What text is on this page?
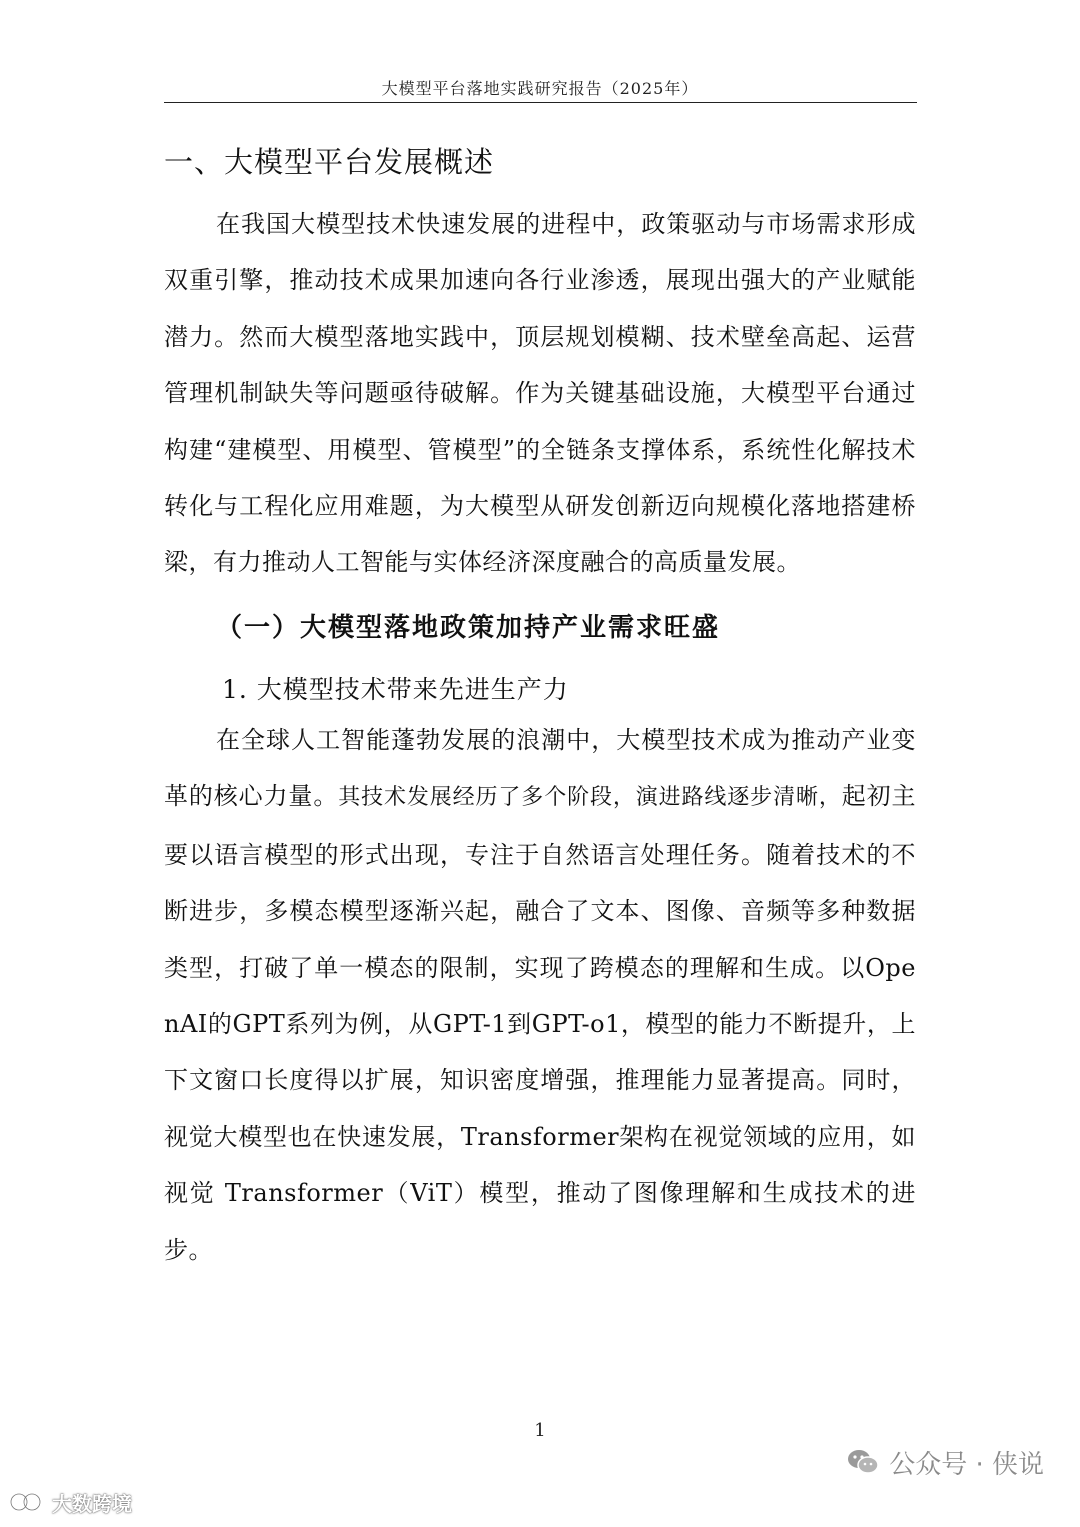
大模型平台落地实践研究报告（2025年）
一、大模型平台发展概述

在我国大模型技术快速发展的进程中，政策驱动与市场需求形成双重引擎，推动技术成果加速向各行业渗透，展现出强大的产业赋能潜力。然而大模型落地实践中，顶层规划模糊、技术壁垒高起、运营管理机制缺失等问题亟待破解。作为关键基础设施，大模型平台通过构建“建模型、用模型、管模型”的全链条支撑体系，系统性化解技术转化与工程化应用难题，为大模型从研发创新迈向规模化落地搭建桥梁，有力推动人工智能与实体经济深度融合的高质量发展。

（一）大模型落地政策加持产业需求旺盛
1. 大模型技术带来先进生产力

在全球人工智能蓬勃发展的浪潮中，大模型技术成为推动产业变革的核心力量。其技术发展经历了多个阶段，演进路线逐步清晰，起初主要以语言模型的形式出现，专注于自然语言处理任务。随着技术的不断进步，多模态模型逐渐兴起，融合了文本、图像、音频等多种数据类型，打破了单一模态的限制，实现了跨模态的理解和生成。以OpenAI的GPT系列为例，从GPT-1到GPT-o1，模型的能力不断提升，上下文窗口长度得以扩展，知识密度增强，推理能力显著提高。同时，视觉大模型也在快速发展，Transformer架构在视觉领域的应用，如视觉 Transformer（ViT）模型，推动了图像理解和生成技术的进步。

1
公众号 · 侠说
大数跨境
